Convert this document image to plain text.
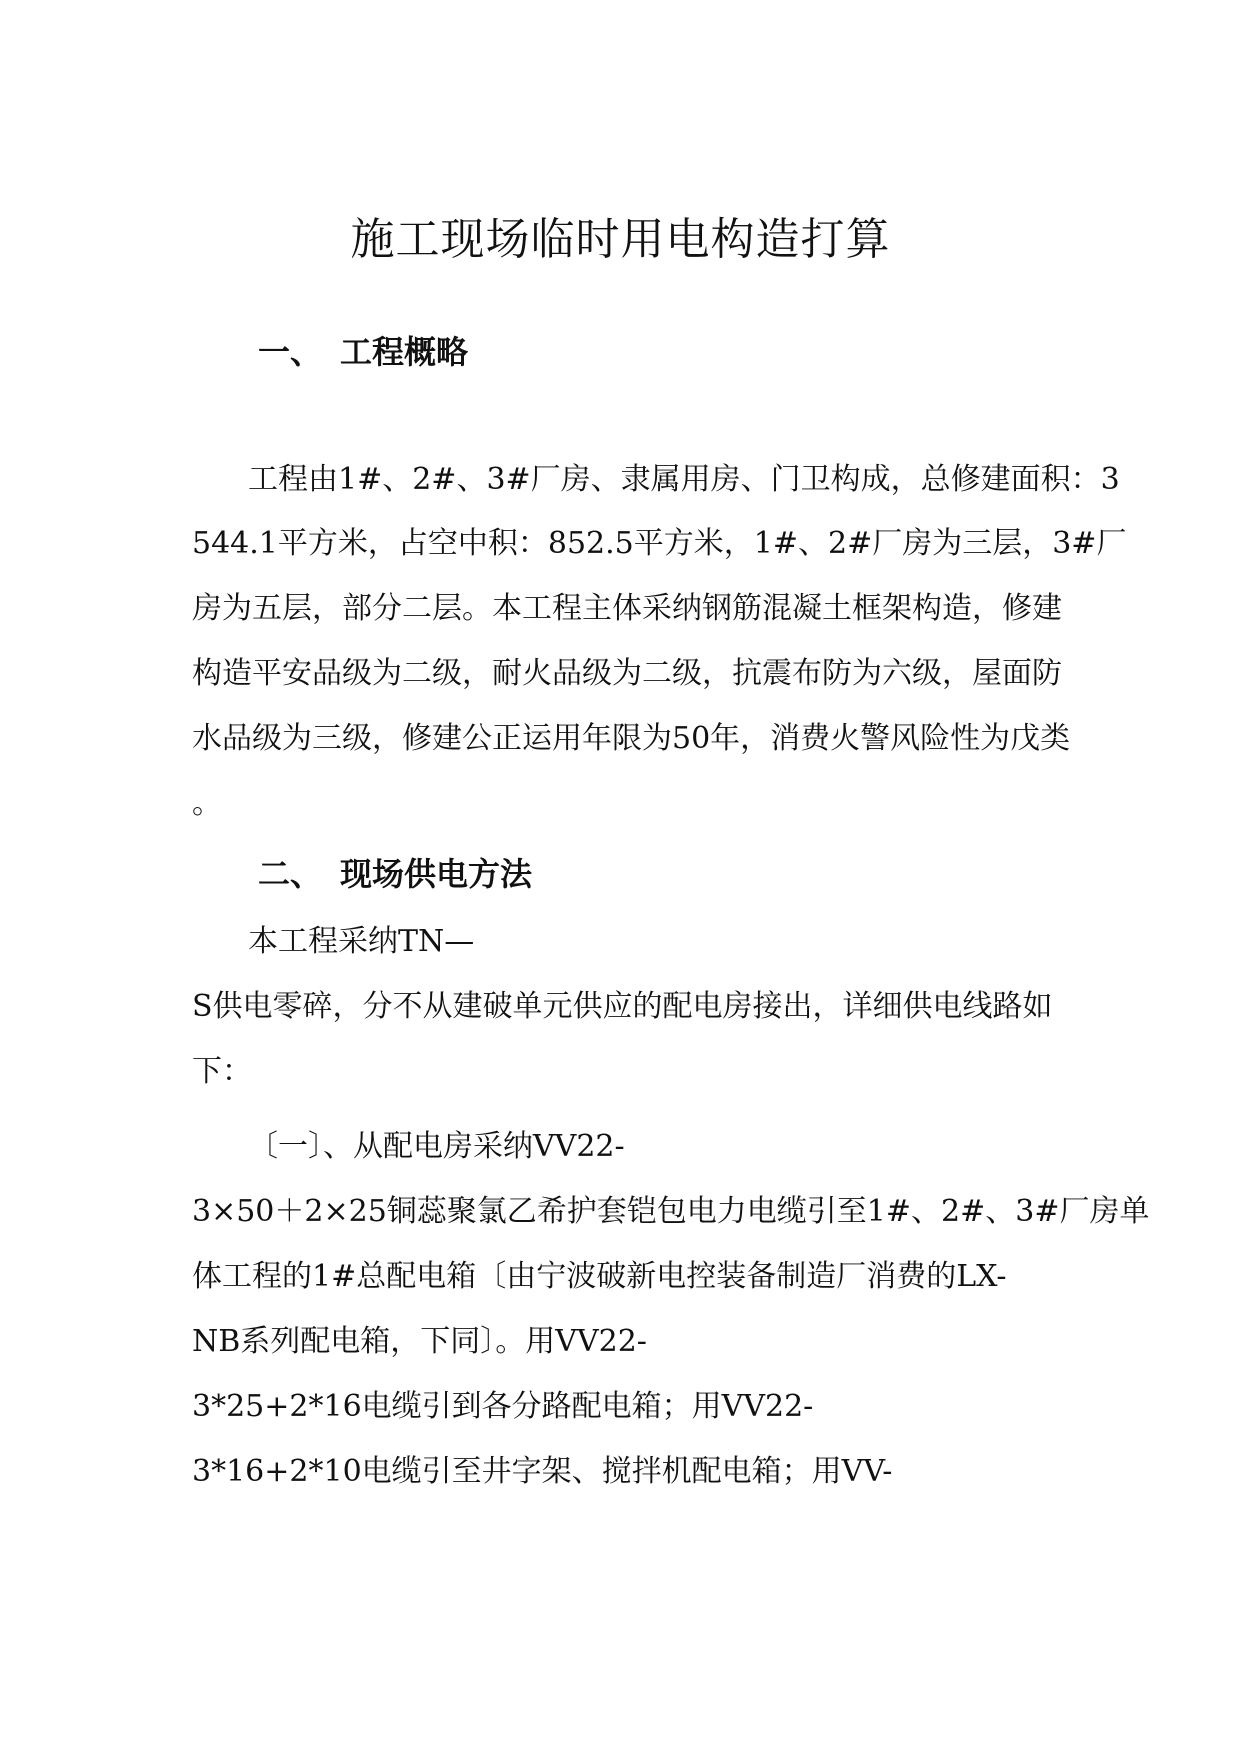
施工现场临时用电构造打算
一、 工程概略
工程由1#、2#、3#厂房、隶属用房、门卫构成，总修建面积：3
544.1平方米，占空中积：852.5平方米，1#、2#厂房为三层，3#厂
房为五层，部分二层。本工程主体采纳钢筋混凝土框架构造，修建
构造平安品级为二级，耐火品级为二级，抗震布防为六级，屋面防
水品级为三级，修建公正运用年限为50年，消费火警风险性为戊类
。
二、 现场供电方法
本工程采纳TN—
S供电零碎，分不从建破单元供应的配电房接出，详细供电线路如
下：
〔一〕、从配电房采纳VV22-
3×50＋2×25铜蕊聚氯乙希护套铠包电力电缆引至1#、2#、3#厂房单
体工程的1#总配电箱〔由宁波破新电控装备制造厂消费的LX-
NB系列配电箱，下同〕。用VV22-
3*25+2*16电缆引到各分路配电箱；用VV22-
3*16+2*10电缆引至井字架、搅拌机配电箱；用VV-
